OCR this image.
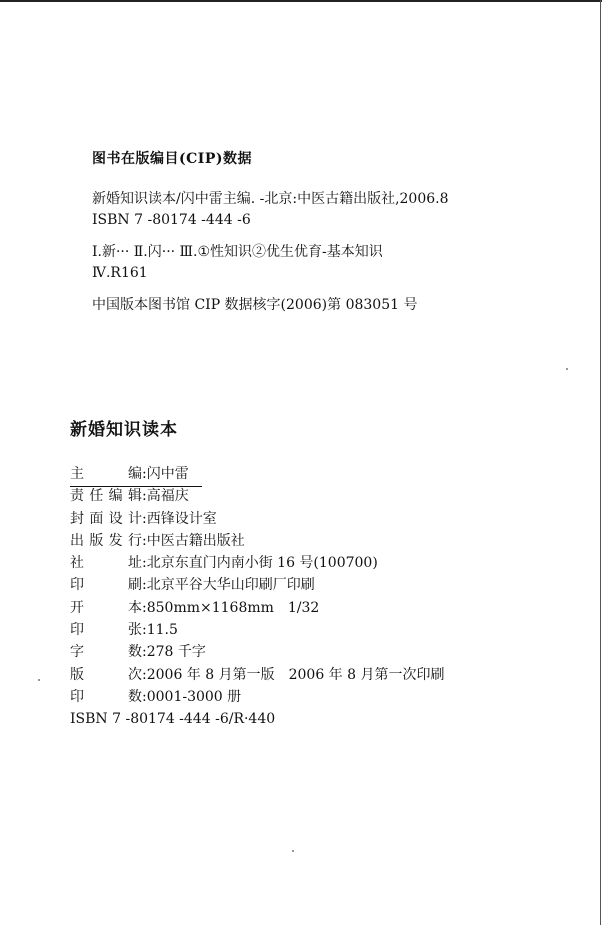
图书在版编目(CIP)数据
新婚知识读本/闪中雷主编. -北京:中医古籍出版社,2006.8
ISBN 7 -80174 -444 -6
Ⅰ.新··· Ⅱ.闪··· Ⅲ.①性知识②优生优育-基本知识
Ⅳ.R161
中国版本图书馆 CIP 数据核字(2006)第 083051 号
新婚知识读本
主　　编 : 闪中雷
责任编辑 : 高福庆
封面设计 : 西锋设计室
出版发行 : 中医古籍出版社
社　　址 : 北京东直门内南小街 16 号(100700)
印　　刷 : 北京平谷大华山印刷厂印刷
开　　本 : 850mm×1168mm　1/32
印　　张 : 11.5
字　　数 : 278 千字
版　　次 : 2006 年 8 月第一版　2006 年 8 月第一次印刷
印　　数 : 0001-3000 册
ISBN 7 -80174 -444 -6/R·440
